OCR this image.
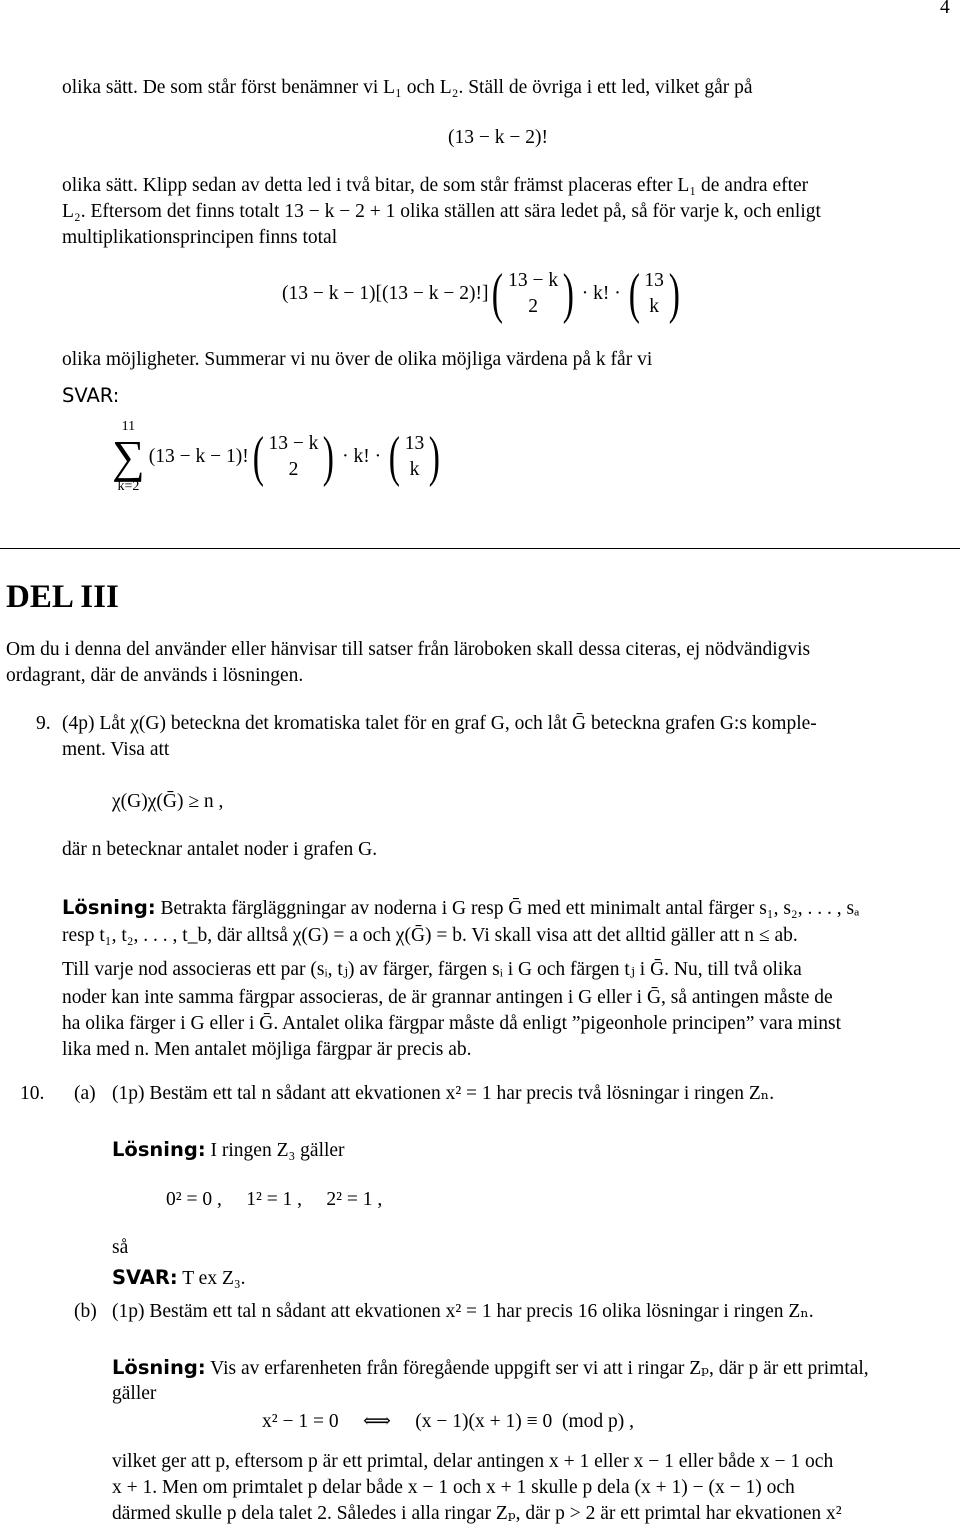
4
olika sätt. De som står först benämner vi L₁ och L₂. Ställ de övriga i ett led, vilket går på
(13 − k − 2)!
olika sätt. Klipp sedan av detta led i två bitar, de som står främst placeras efter L₁ de andra efter
L₂. Eftersom det finns totalt 13 − k − 2 + 1 olika ställen att sära ledet på, så för varje k, och enligt
multiplikationsprincipen finns total
(13 − k − 1)[(13 − k − 2)!] ( 13 − k
2 ) · k! · ( 13
k )
olika möjligheter. Summerar vi nu över de olika möjliga värdena på k får vi
SVAR:
11
∑
k=2
(13 − k − 1)! ( 13 − k
2 ) · k! · ( 13
k )
DEL III
Om du i denna del använder eller hänvisar till satser från läroboken skall dessa citeras, ej nödvändigvis
ordagrant, där de används i lösningen.
9. (4p) Låt χ(G) beteckna det kromatiska talet för en graf G, och låt Ḡ beteckna grafen G:s komple-
ment. Visa att
χ(G)χ(Ḡ) ≥ n ,
där n betecknar antalet noder i grafen G.
Lösning: Betrakta färgläggningar av noderna i G resp Ḡ med ett minimalt antal färger s₁, s₂, . . . , sₐ
resp t₁, t₂, . . . , t_b, där alltså χ(G) = a och χ(Ḡ) = b. Vi skall visa att det alltid gäller att n ≤ ab.
Till varje nod associeras ett par (sᵢ, tⱼ) av färger, färgen sᵢ i G och färgen tⱼ i Ḡ. Nu, till två olika
noder kan inte samma färgpar associeras, de är grannar antingen i G eller i Ḡ, så antingen måste de
ha olika färger i G eller i Ḡ. Antalet olika färgpar måste då enligt ”pigeonhole principen” vara minst
lika med n. Men antalet möjliga färgpar är precis ab.
10. (a) (1p) Bestäm ett tal n sådant att ekvationen x² = 1 har precis två lösningar i ringen Zₙ.
Lösning: I ringen Z₃ gäller
0² = 0 ,     1² = 1 ,     2² = 1 ,
så
SVAR: T ex Z₃.
(b) (1p) Bestäm ett tal n sådant att ekvationen x² = 1 har precis 16 olika lösningar i ringen Zₙ.
Lösning: Vis av erfarenheten från föregående uppgift ser vi att i ringar Zₚ, där p är ett primtal,
gäller
x² − 1 = 0     ⟺     (x − 1)(x + 1) ≡ 0  (mod p) ,
vilket ger att p, eftersom p är ett primtal, delar antingen x + 1 eller x − 1 eller både x − 1 och
x + 1. Men om primtalet p delar både x − 1 och x + 1 skulle p dela (x + 1) − (x − 1) och
därmed skulle p dela talet 2. Således i alla ringar Zₚ, där p > 2 är ett primtal har ekvationen x²
